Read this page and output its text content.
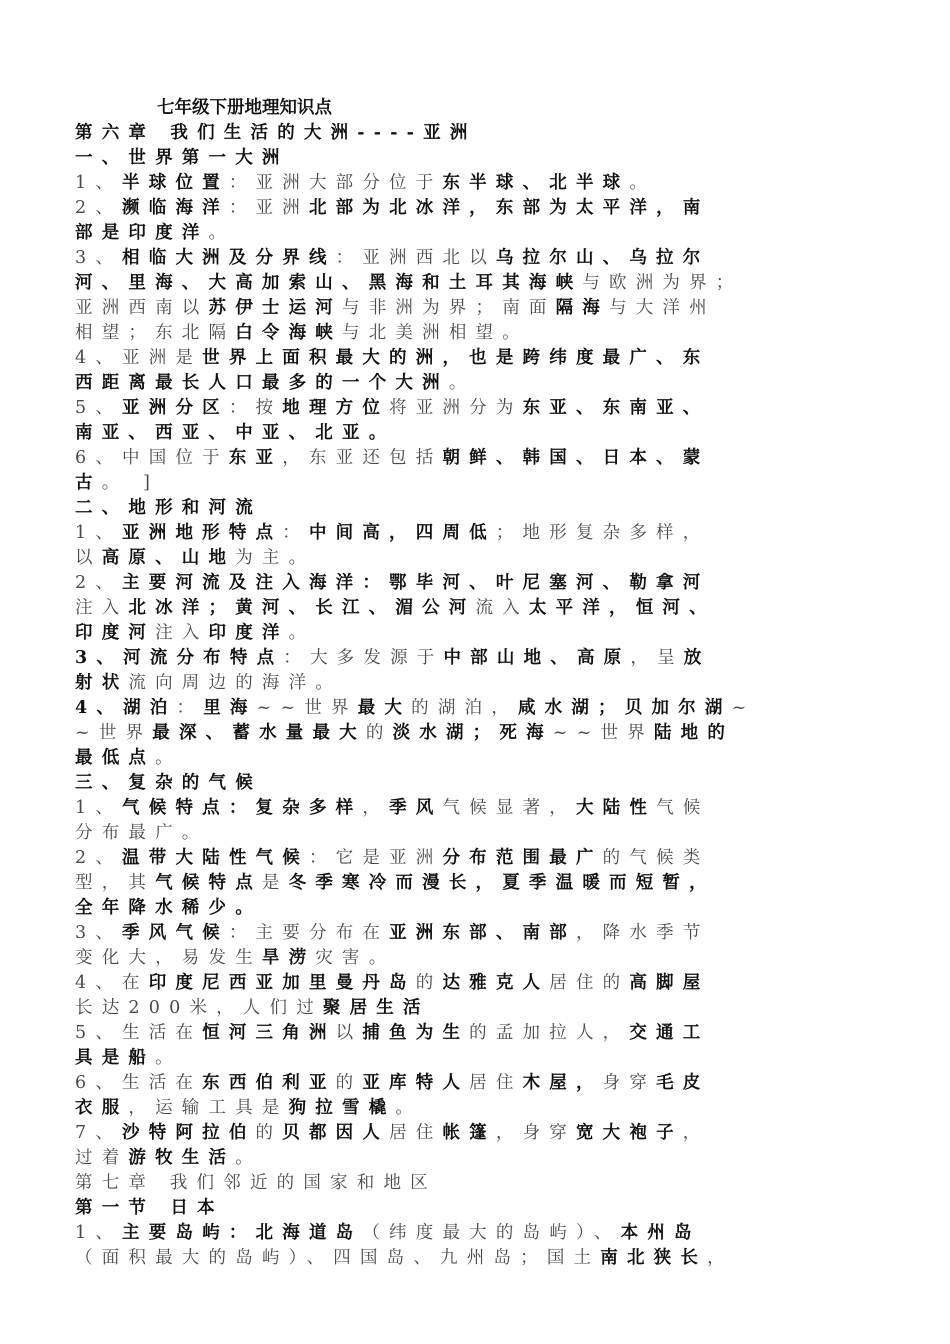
七年级下册地理知识点
第六章 我们生活的大洲----亚洲
一、世界第一大洲
1、半球位置：亚洲大部分位于东半球、北半球。
2、濒临海洋：亚洲北部为北冰洋，东部为太平洋，南
部是印度洋。
3、相临大洲及分界线：亚洲西北以乌拉尔山、乌拉尔
河、里海、大高加索山、黑海和土耳其海峡与欧洲为界；
亚洲西南以苏伊士运河与非洲为界；南面隔海与大洋州
相望；东北隔白令海峡与北美洲相望。
4、亚洲是世界上面积最大的洲，也是跨纬度最广、东
西距离最长人口最多的一个大洲。
5、亚洲分区：按地理方位将亚洲分为东亚、东南亚、
南亚、西亚、中亚、北亚。
6、中国位于东亚，东亚还包括朝鲜、韩国、日本、蒙
古。 ]
二、地形和河流
1、亚洲地形特点：中间高，四周低；地形复杂多样，
以高原、山地为主。
2、主要河流及注入海洋：鄂毕河、叶尼塞河、勒拿河
注入北冰洋；黄河、长江、湄公河流入太平洋，恒河、
印度河注入印度洋。
3、河流分布特点：大多发源于中部山地、高原，呈放
射状流向周边的海洋。
4、湖泊：里海~~世界最大的湖泊，咸水湖；贝加尔湖~
~世界最深、蓄水量最大的淡水湖；死海~~世界陆地的
最低点。
三、复杂的气候
1、气候特点：复杂多样，季风气候显著，大陆性气候
分布最广。
2、温带大陆性气候：它是亚洲分布范围最广的气候类
型，其气候特点是冬季寒冷而漫长，夏季温暖而短暂，
全年降水稀少。
3、季风气候：主要分布在亚洲东部、南部，降水季节
变化大，易发生旱涝灾害。
4、在印度尼西亚加里曼丹岛的达雅克人居住的高脚屋
长达200米，人们过聚居生活
5、生活在恒河三角洲以捕鱼为生的孟加拉人，交通工
具是船。
6、生活在东西伯利亚的亚库特人居住木屋，身穿毛皮
衣服，运输工具是狗拉雪橇。
7、沙特阿拉伯的贝都因人居住帐篷，身穿宽大袍子，
过着游牧生活。
第七章 我们邻近的国家和地区
第一节 日本
1、主要岛屿：北海道岛（纬度最大的岛屿）、本州岛
（面积最大的岛屿）、四国岛、九州岛；国土南北狭长，
